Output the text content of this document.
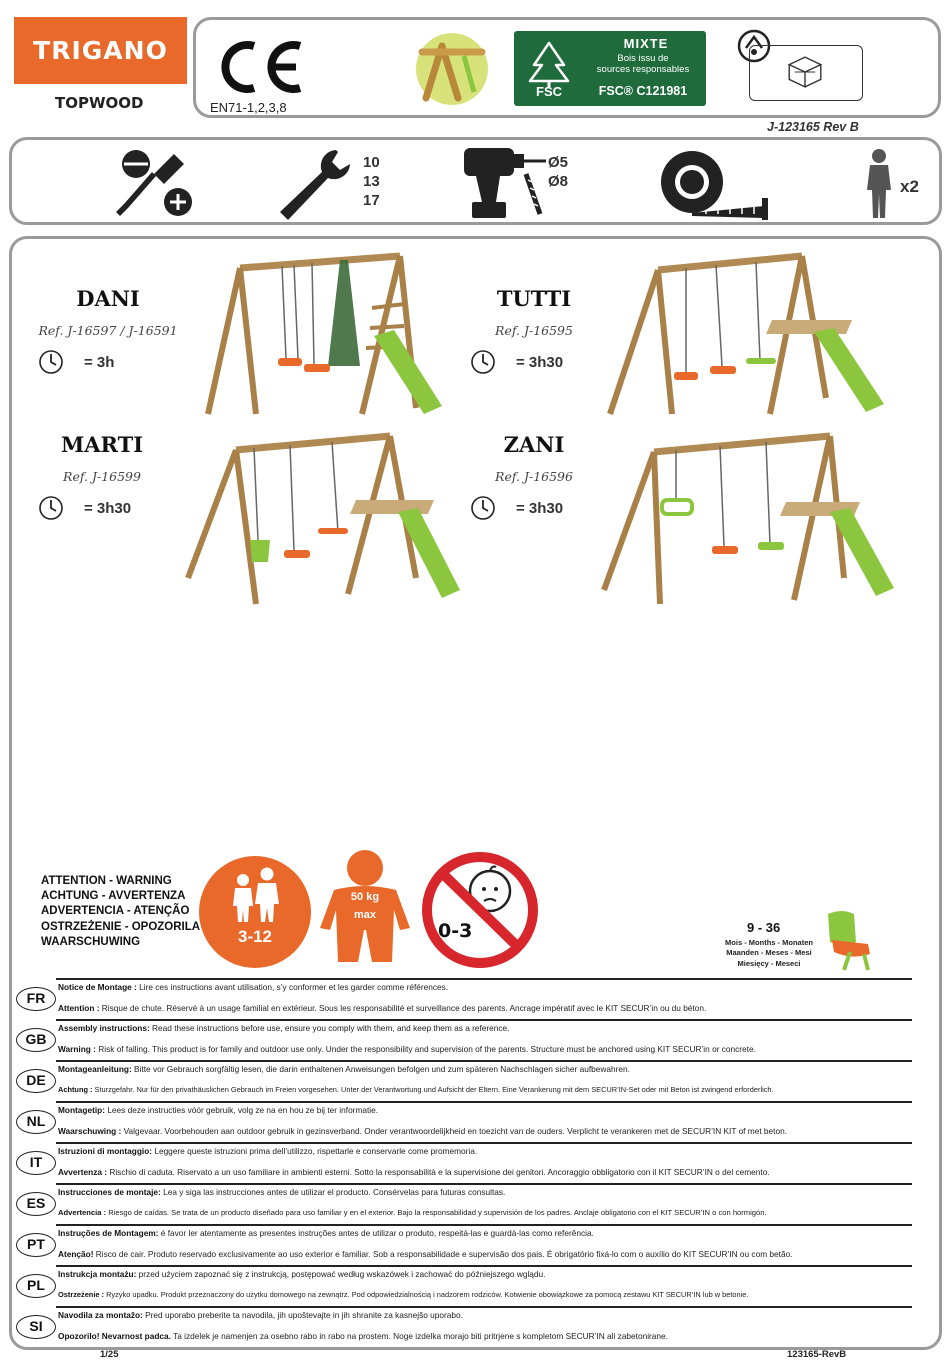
TRIGANO
TOPWOOD	EN71-1,2,3,8
FSC
MIXTE
Bois issu de
sources responsables
FSC® C121981
J-123165 Rev B
10
13
17
Ø5
Ø8	x2
DANI
Ref. J-16597 / J-16591
= 3h
TUTTI
Ref. J-16595
= 3h30
MARTI
Ref. J-16599
= 3h30
ZANI
Ref. J-16596
= 3h30
ATTENTION - WARNING
ACHTUNG - AVVERTENZA
ADVERTENCIA - ATENÇÃO
OSTRZEŻENIE - OPOZORILA
WAARSCHUWING	3-12
50 kg
max
0-3	9 - 36
Mois - Months - Monaten
Maanden - Meses - Mesi
Miesięcy - Meseci
FR
Notice de Montage : Lire ces instructions avant utilisation, s’y conformer et les garder comme références.
Attention : Risque de chute. Réservé à un usage familial en extérieur. Sous les responsabilité et surveillance des parents. Ancrage impératif avec le KIT SECUR’in ou du béton.
GB
Assembly instructions: Read these instructions before use, ensure you comply with them, and keep them as a reference.
Warning : Risk of falling. This product is for family and outdoor use only. Under the responsibility and supervision of the parents. Structure must be anchored using KIT SECUR’in or concrete.
DE
Montageanleitung: Bitte vor Gebrauch sorgfältig lesen, die darin enthaltenen Anweisungen befolgen und zum späteren Nachschlagen sicher aufbewahren.
Achtung : Sturzgefahr. Nur für den privathäuslichen Gebrauch im Freien vorgesehen. Unter der Verantwortung und Aufsicht der Eltern. Eine Verankerung mit dem SECUR’IN-Set oder mit Beton ist zwingend erforderlich.
NL
Montagetip: Lees deze instructies vóór gebruik, volg ze na en hou ze bij ter informatie.
Waarschuwing : Valgevaar. Voorbehouden aan outdoor gebruik in gezinsverband. Onder verantwoordelijkheid en toezicht van de ouders. Verplicht te verankeren met de SECUR’IN KIT of met beton.
IT
Istruzioni di montaggio: Leggere queste istruzioni prima dell’utilizzo, rispettarle e conservarle come promemoria.
Avvertenza : Rischio di caduta. Riservato a un uso familiare in ambienti esterni. Sotto la responsabilità e la supervisione dei genitori. Ancoraggio obbligatorio con il KIT SECUR’IN o del cemento.
ES
Instrucciones de montaje: Lea y siga las instrucciones antes de utilizar el producto. Consérvelas para futuras consultas.
Advertencia : Riesgo de caídas. Se trata de un producto diseñado para uso familiar y en el exterior. Bajo la responsabilidad y supervisión de los padres. Anclaje obligatorio con el KIT SECUR’IN o con hormigón.
PT
Instruções de Montagem: é favor ler atentamente as presentes instruções antes de utilizar o produto, respeitá-las e guardá-las como referência.
Atenção! Risco de cair. Produto reservado exclusivamente ao uso exterior e familiar. Sob a responsabilidade e supervisão dos pais. É obrigatório fixá-lo com o auxílio do KIT SECUR’IN ou com betão.
PL
Instrukcja montażu: przed użyciem zapoznać się z instrukcją, postępować według wskazówek i zachować do późniejszego wglądu.
Ostrzeżenie : Ryzyko upadku. Produkt przeznaczony do użytku domowego na zewnątrz. Pod odpowiedzialnością i nadzorem rodziców. Kotwienie obowiązkowe za pomocą zestawu KIT SECUR’IN lub w betonie.
SI
Navodila za montažo: Pred uporabo preberite ta navodila, jih upoštevajte in jih shranite za kasnejšo uporabo.
Opozorilo! Nevarnost padca. Ta izdelek je namenjen za osebno rabo in rabo na prostem. Noge izdelka morajo biti pritrjene s kompletom SECUR’IN ali zabetonirane.
1/25	123165-RevB
